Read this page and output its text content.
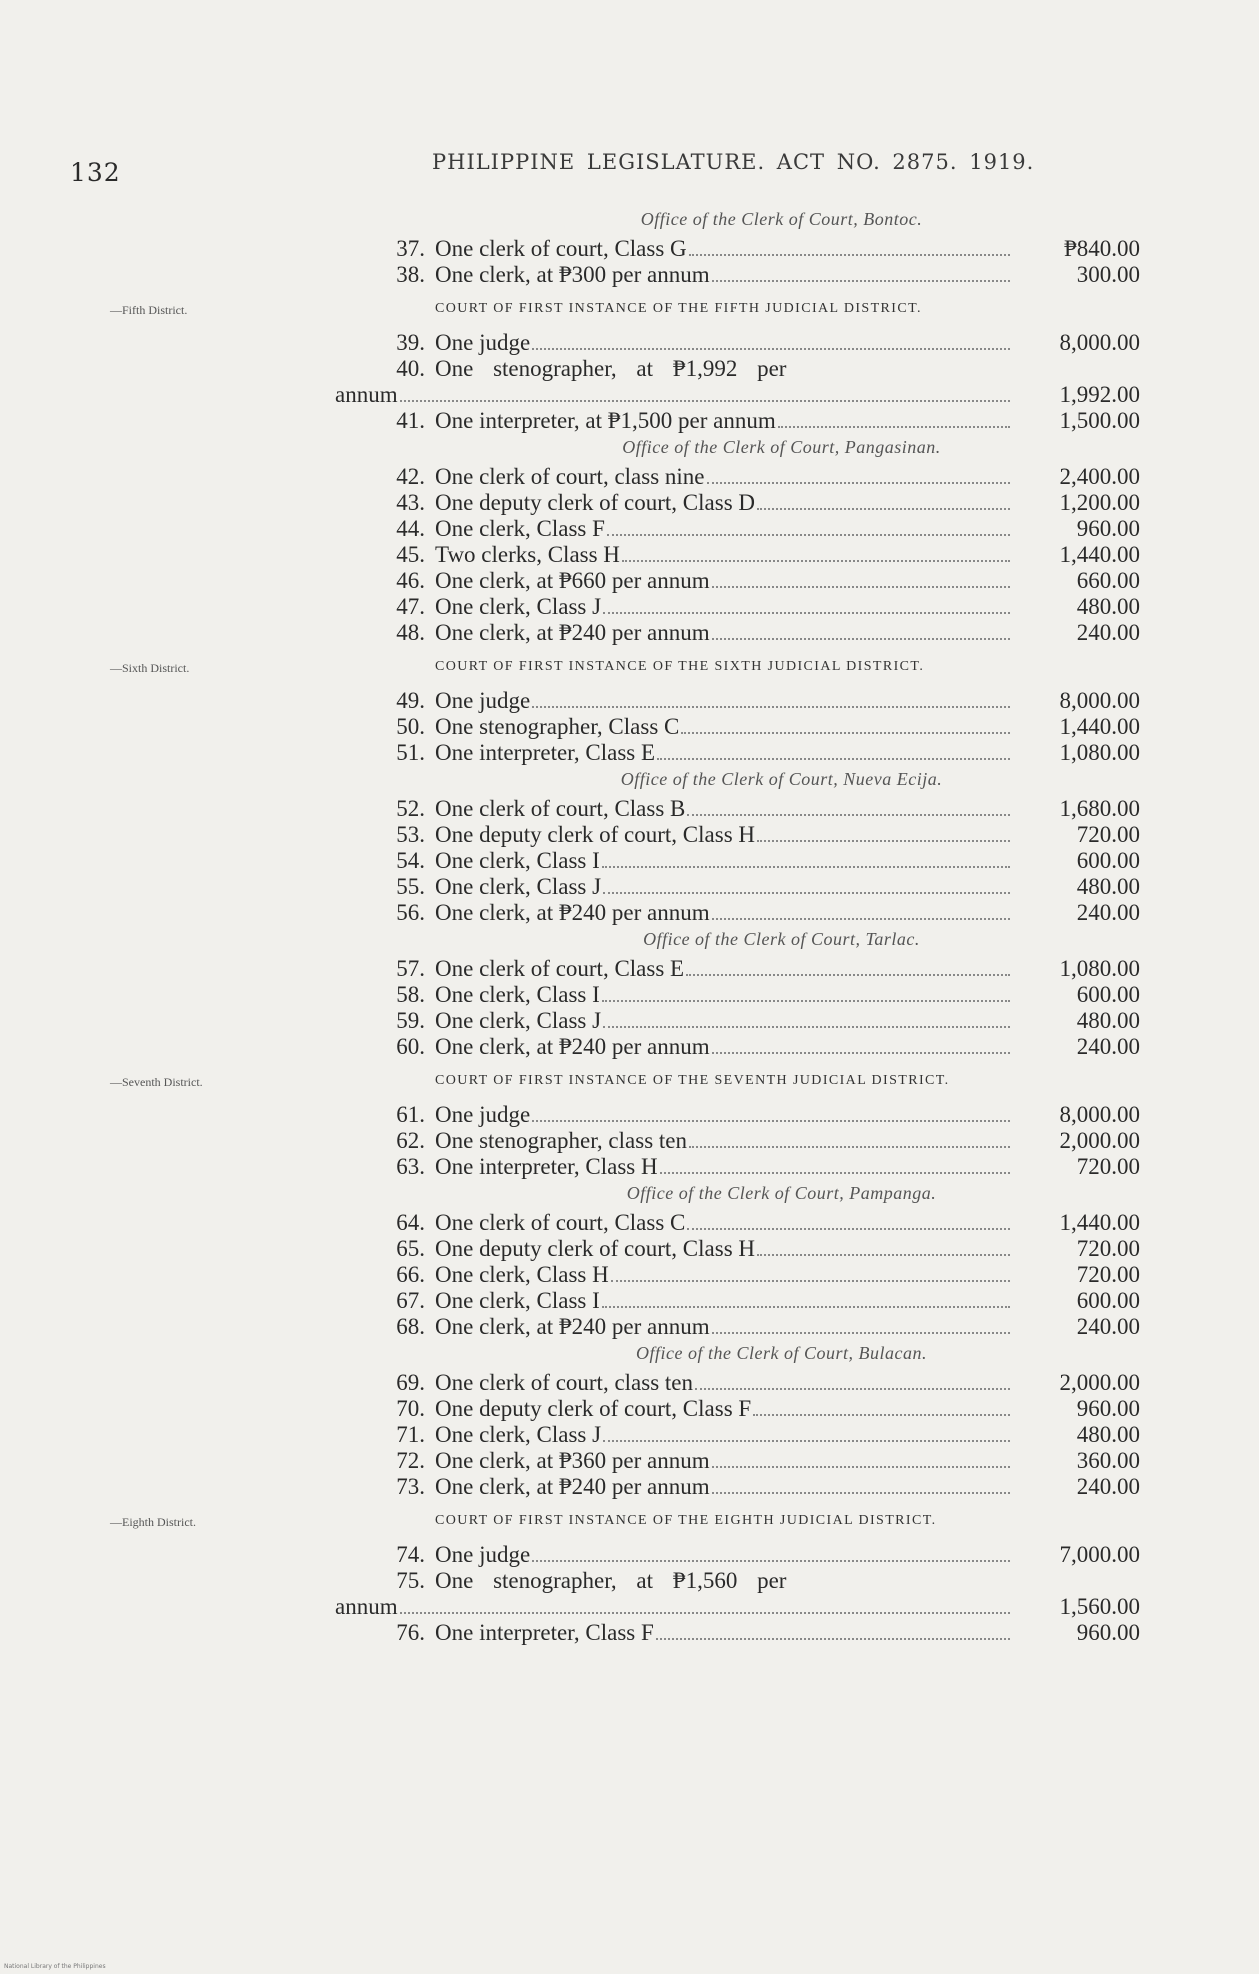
132	PHILIPPINE LEGISLATURE. ACT NO. 2875. 1919.
Office of the Clerk of Court, Bontoc.
37. One clerk of court, Class G	₱840.00
38. One clerk, at ₱300 per annum	300.00
—Fifth District.	COURT OF FIRST INSTANCE OF THE FIFTH JUDICIAL DISTRICT.
39. One judge	8,000.00
40. One stenographer, at ₱1,992 per
annum	1,992.00
41. One interpreter, at ₱1,500 per annum	1,500.00
Office of the Clerk of Court, Pangasinan.
42. One clerk of court, class nine	2,400.00
43. One deputy clerk of court, Class D	1,200.00
44. One clerk, Class F	960.00
45. Two clerks, Class H	1,440.00
46. One clerk, at ₱660 per annum	660.00
47. One clerk, Class J	480.00
48. One clerk, at ₱240 per annum	240.00
—Sixth District.	COURT OF FIRST INSTANCE OF THE SIXTH JUDICIAL DISTRICT.
49. One judge	8,000.00
50. One stenographer, Class C	1,440.00
51. One interpreter, Class E	1,080.00
Office of the Clerk of Court, Nueva Ecija.
52. One clerk of court, Class B	1,680.00
53. One deputy clerk of court, Class H	720.00
54. One clerk, Class I	600.00
55. One clerk, Class J	480.00
56. One clerk, at ₱240 per annum	240.00
Office of the Clerk of Court, Tarlac.
57. One clerk of court, Class E	1,080.00
58. One clerk, Class I	600.00
59. One clerk, Class J	480.00
60. One clerk, at ₱240 per annum	240.00
—Seventh District.	COURT OF FIRST INSTANCE OF THE SEVENTH JUDICIAL DISTRICT.
61. One judge	8,000.00
62. One stenographer, class ten	2,000.00
63. One interpreter, Class H	720.00
Office of the Clerk of Court, Pampanga.
64. One clerk of court, Class C	1,440.00
65. One deputy clerk of court, Class H	720.00
66. One clerk, Class H	720.00
67. One clerk, Class I	600.00
68. One clerk, at ₱240 per annum	240.00
Office of the Clerk of Court, Bulacan.
69. One clerk of court, class ten	2,000.00
70. One deputy clerk of court, Class F	960.00
71. One clerk, Class J	480.00
72. One clerk, at ₱360 per annum	360.00
73. One clerk, at ₱240 per annum	240.00
—Eighth District.	COURT OF FIRST INSTANCE OF THE EIGHTH JUDICIAL DISTRICT.
74. One judge	7,000.00
75. One stenographer, at ₱1,560 per
annum	1,560.00
76. One interpreter, Class F	960.00
National Library of the Philippines
